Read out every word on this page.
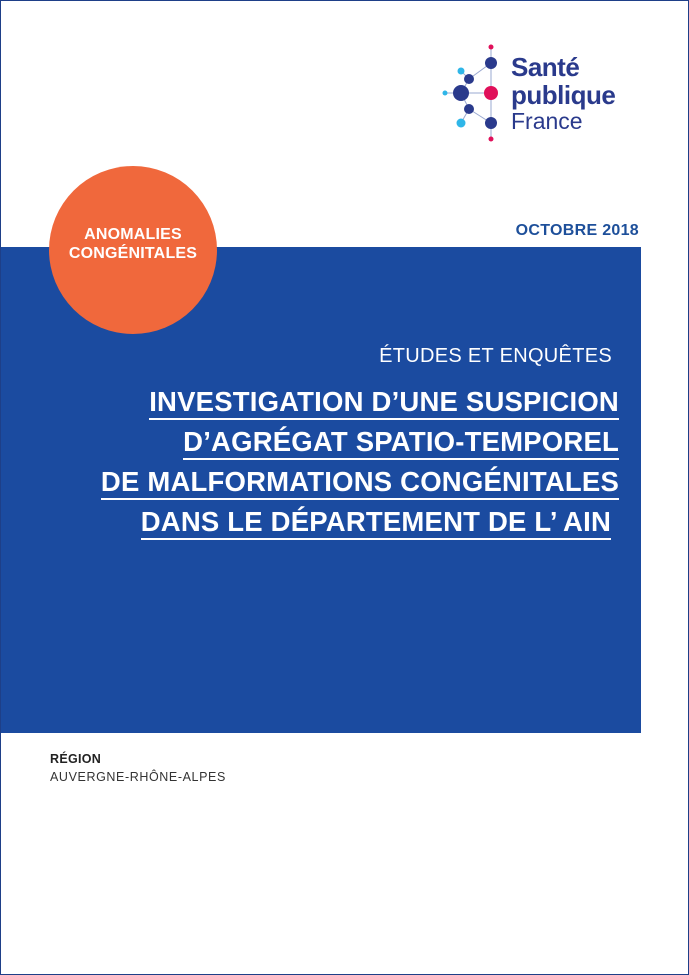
Santé
publique
France
OCTOBRE 2018
ANOMALIES
CONGÉNITALES
ÉTUDES ET ENQUÊTES
INVESTIGATION D’UNE SUSPICION
D’AGRÉGAT SPATIO-TEMPOREL
DE MALFORMATIONS CONGÉNITALES
DANS LE DÉPARTEMENT DE L’ AIN
RÉGION
AUVERGNE-RHÔNE-ALPES
